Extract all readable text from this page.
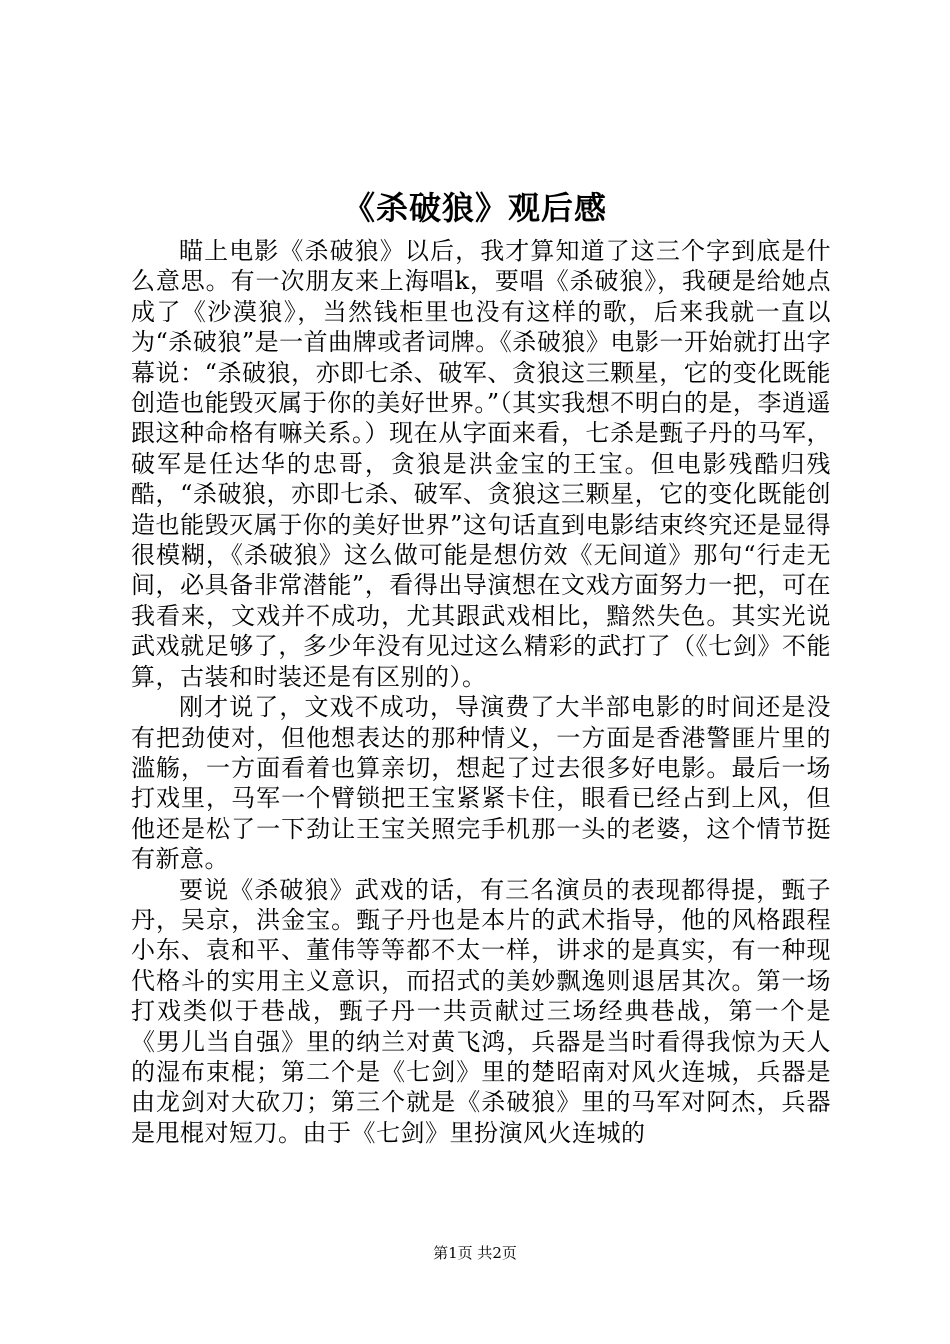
《杀破狼》观后感

瞄上电影《杀破狼》以后，我才算知道了这三个字到底是什么意思。有一次朋友来上海唱k，要唱《杀破狼》，我硬是给她点成了《沙漠狼》，当然钱柜里也没有这样的歌，后来我就一直以为“杀破狼”是一首曲牌或者词牌。《杀破狼》电影一开始就打出字幕说：“杀破狼，亦即七杀、破军、贪狼这三颗星，它的变化既能创造也能毁灭属于你的美好世界。”（其实我想不明白的是，李逍遥跟这种命格有嘛关系。）现在从字面来看，七杀是甄子丹的马军，破军是任达华的忠哥，贪狼是洪金宝的王宝。但电影残酷归残酷，“杀破狼，亦即七杀、破军、贪狼这三颗星，它的变化既能创造也能毁灭属于你的美好世界”这句话直到电影结束终究还是显得很模糊，《杀破狼》这么做可能是想仿效《无间道》那句“行走无间，必具备非常潜能”，看得出导演想在文戏方面努力一把，可在我看来，文戏并不成功，尤其跟武戏相比，黯然失色。其实光说武戏就足够了，多少年没有见过这么精彩的武打了（《七剑》不能算，古装和时装还是有区别的）。

刚才说了，文戏不成功，导演费了大半部电影的时间还是没有把劲使对，但他想表达的那种情义，一方面是香港警匪片里的滥觞，一方面看着也算亲切，想起了过去很多好电影。最后一场打戏里，马军一个臂锁把王宝紧紧卡住，眼看已经占到上风，但他还是松了一下劲让王宝关照完手机那一头的老婆，这个情节挺有新意。

要说《杀破狼》武戏的话，有三名演员的表现都得提，甄子丹，吴京，洪金宝。甄子丹也是本片的武术指导，他的风格跟程小东、袁和平、董伟等等都不太一样，讲求的是真实，有一种现代格斗的实用主义意识，而招式的美妙飘逸则退居其次。第一场打戏类似于巷战，甄子丹一共贡献过三场经典巷战，第一个是《男儿当自强》里的纳兰对黄飞鸿，兵器是当时看得我惊为天人的湿布束棍；第二个是《七剑》里的楚昭南对风火连城，兵器是由龙剑对大砍刀；第三个就是《杀破狼》里的马军对阿杰，兵器是甩棍对短刀。由于《七剑》里扮演风火连城的

第1页 共2页
